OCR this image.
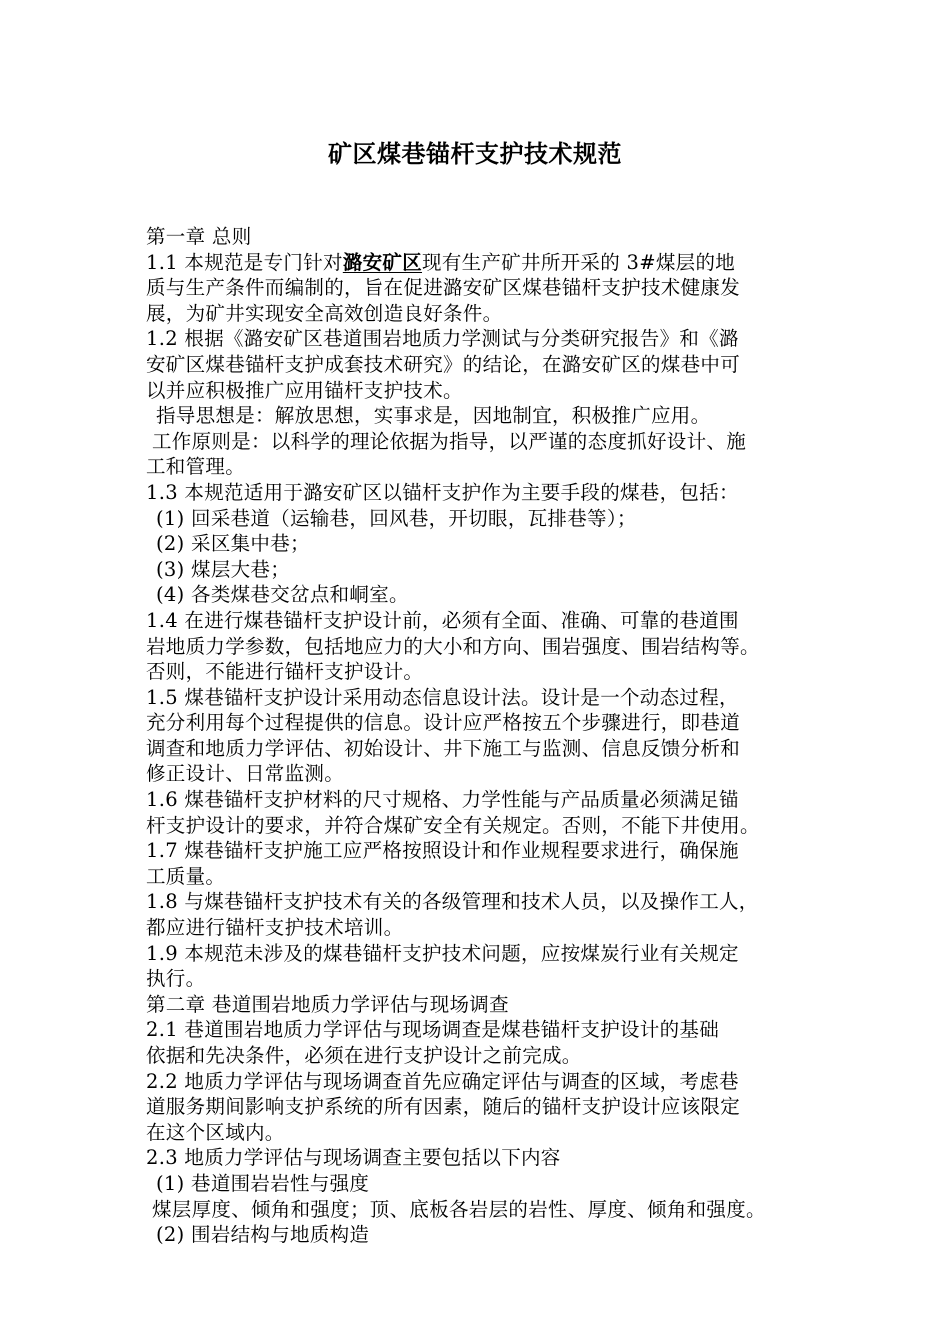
矿区煤巷锚杆支护技术规范

第一章 总则

1.1 本规范是专门针对潞安矿区现有生产矿井所开采的 3#煤层的地

质与生产条件而编制的，旨在促进潞安矿区煤巷锚杆支护技术健康发

展，为矿井实现安全高效创造良好条件。

1.2 根据《潞安矿区巷道围岩地质力学测试与分类研究报告》和《潞

安矿区煤巷锚杆支护成套技术研究》的结论，在潞安矿区的煤巷中可

以并应积极推广应用锚杆支护技术。

指导思想是：解放思想，实事求是，因地制宜，积极推广应用。

工作原则是：以科学的理论依据为指导，以严谨的态度抓好设计、施

工和管理。

1.3 本规范适用于潞安矿区以锚杆支护作为主要手段的煤巷，包括：

(1) 回采巷道（运输巷，回风巷，开切眼，瓦排巷等）；

(2) 采区集中巷；

(3) 煤层大巷；

(4) 各类煤巷交岔点和峒室。

1.4 在进行煤巷锚杆支护设计前，必须有全面、准确、可靠的巷道围

岩地质力学参数，包括地应力的大小和方向、围岩强度、围岩结构等。

否则，不能进行锚杆支护设计。

1.5 煤巷锚杆支护设计采用动态信息设计法。设计是一个动态过程，

充分利用每个过程提供的信息。设计应严格按五个步骤进行，即巷道

调查和地质力学评估、初始设计、井下施工与监测、信息反馈分析和

修正设计、日常监测。

1.6 煤巷锚杆支护材料的尺寸规格、力学性能与产品质量必须满足锚

杆支护设计的要求，并符合煤矿安全有关规定。否则，不能下井使用。

1.7 煤巷锚杆支护施工应严格按照设计和作业规程要求进行，确保施

工质量。

1.8 与煤巷锚杆支护技术有关的各级管理和技术人员，以及操作工人，

都应进行锚杆支护技术培训。

1.9 本规范未涉及的煤巷锚杆支护技术问题，应按煤炭行业有关规定

执行。

第二章 巷道围岩地质力学评估与现场调查

2.1 巷道围岩地质力学评估与现场调查是煤巷锚杆支护设计的基础

依据和先决条件，必须在进行支护设计之前完成。

2.2 地质力学评估与现场调查首先应确定评估与调查的区域，考虑巷

道服务期间影响支护系统的所有因素，随后的锚杆支护设计应该限定

在这个区域内。

2.3 地质力学评估与现场调查主要包括以下内容

(1) 巷道围岩岩性与强度

煤层厚度、倾角和强度；顶、底板各岩层的岩性、厚度、倾角和强度。

(2) 围岩结构与地质构造
